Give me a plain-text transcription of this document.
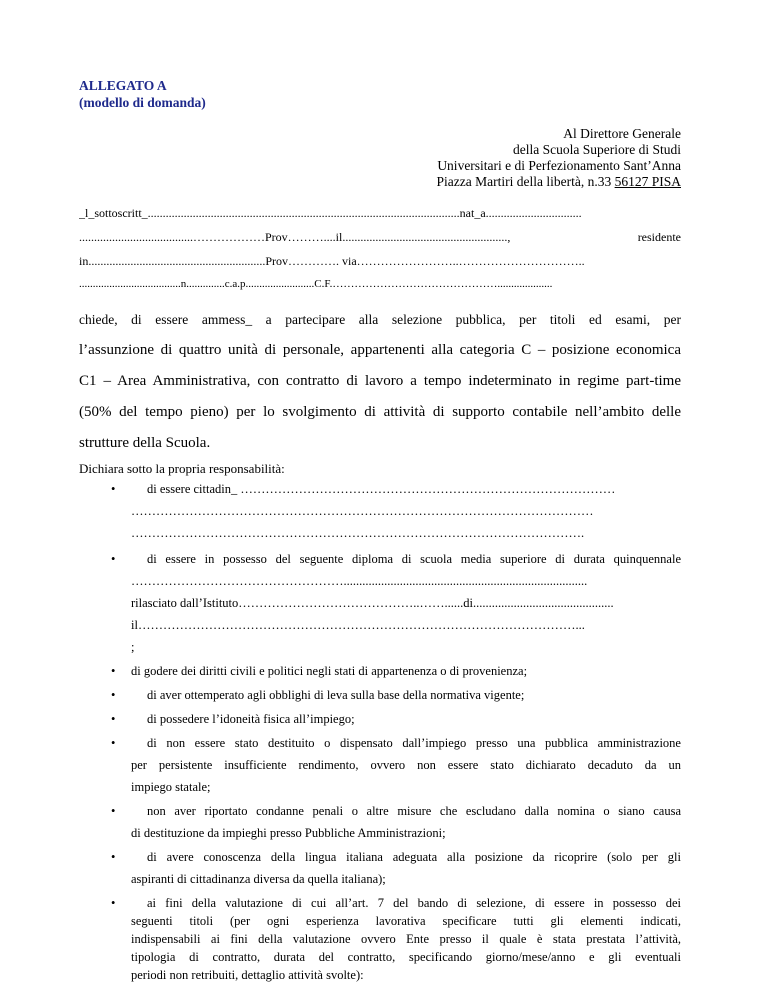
ALLEGATO A
(modello di domanda)
Al Direttore Generale
della Scuola Superiore di Studi
Universitari e di Perfezionamento Sant’Anna
Piazza Martiri della libertà, n.33 56127 PISA
_l_sottoscritt_........................................................................................................nat_a................................
......................................………………Prov………....il.......................................................,	residente
in...........................................................Prov…………. via……………………..…………………………..
.....................................n..............c.a.p.........................C.F.………………………………………....................
chiede, di essere ammess_ a partecipare alla selezione pubblica, per titoli ed esami, per
l’assunzione di quattro unità di personale, appartenenti alla categoria C – posizione economica
C1 – Area Amministrativa, con contratto di lavoro a tempo indeterminato in regime part-time
(50% del tempo pieno) per lo svolgimento di attività di supporto contabile nell’ambito delle
strutture della Scuola.
Dichiara sotto la propria responsabilità:
•	di essere cittadin_ ………………………………………………………………………………
…………………………………………………………………………………………………
……………………………………………………………………………………………….
•	di essere in possesso del seguente diploma di scuola media superiore di durata quinquennale
……………………………………………..............................................................................
rilasciato dall’Istituto……………………………………..……......di.............................................
il……………………………………………………………………………………………...
;
• di godere dei diritti civili e politici negli stati di appartenenza o di provenienza;
•	di aver ottemperato agli obblighi di leva sulla base della normativa vigente;
•	di possedere l’idoneità fisica all’impiego;
•	di non essere stato destituito o dispensato dall’impiego presso una pubblica amministrazione
per persistente insufficiente rendimento, ovvero non essere stato dichiarato decaduto da un
impiego statale;
•	non aver riportato condanne penali o altre misure che escludano dalla nomina o siano causa
di destituzione da impieghi presso Pubbliche Amministrazioni;
•	di avere conoscenza della lingua italiana adeguata alla posizione da ricoprire (solo per gli
aspiranti di cittadinanza diversa da quella italiana);
•	ai fini della valutazione di cui all’art. 7 del bando di selezione, di essere in possesso dei
seguenti titoli (per ogni esperienza lavorativa specificare tutti gli elementi indicati,
indispensabili ai fini della valutazione ovvero Ente presso il quale è stata prestata l’attività,
tipologia di contratto, durata del contratto, specificando giorno/mese/anno e gli eventuali
periodi non retribuiti, dettaglio attività svolte):
